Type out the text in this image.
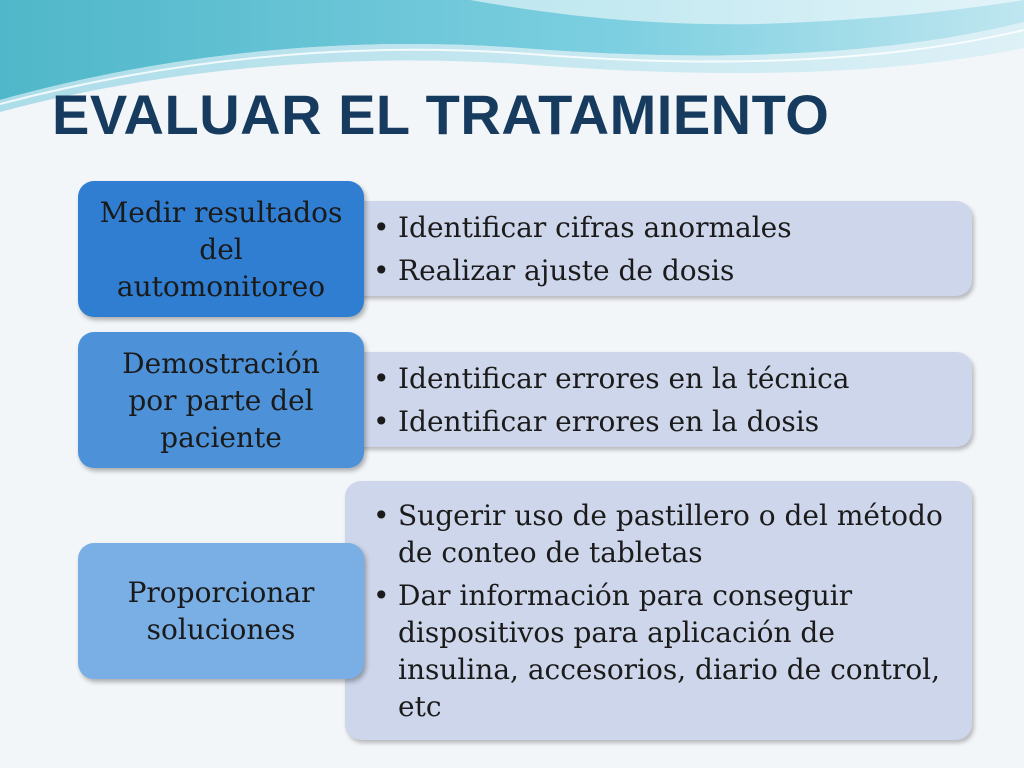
EVALUAR EL TRATAMIENTO
• Identificar cifras anormales
• Realizar ajuste de dosis
• Identificar errores en la técnica
• Identificar errores en la dosis
• Sugerir uso de pastillero o del método de conteo de tabletas
• Dar información para conseguir dispositivos para aplicación de insulina, accesorios, diario de control, etc
Medir resultados
del
automonitoreo
Demostración
por parte del
paciente
Proporcionar
soluciones
